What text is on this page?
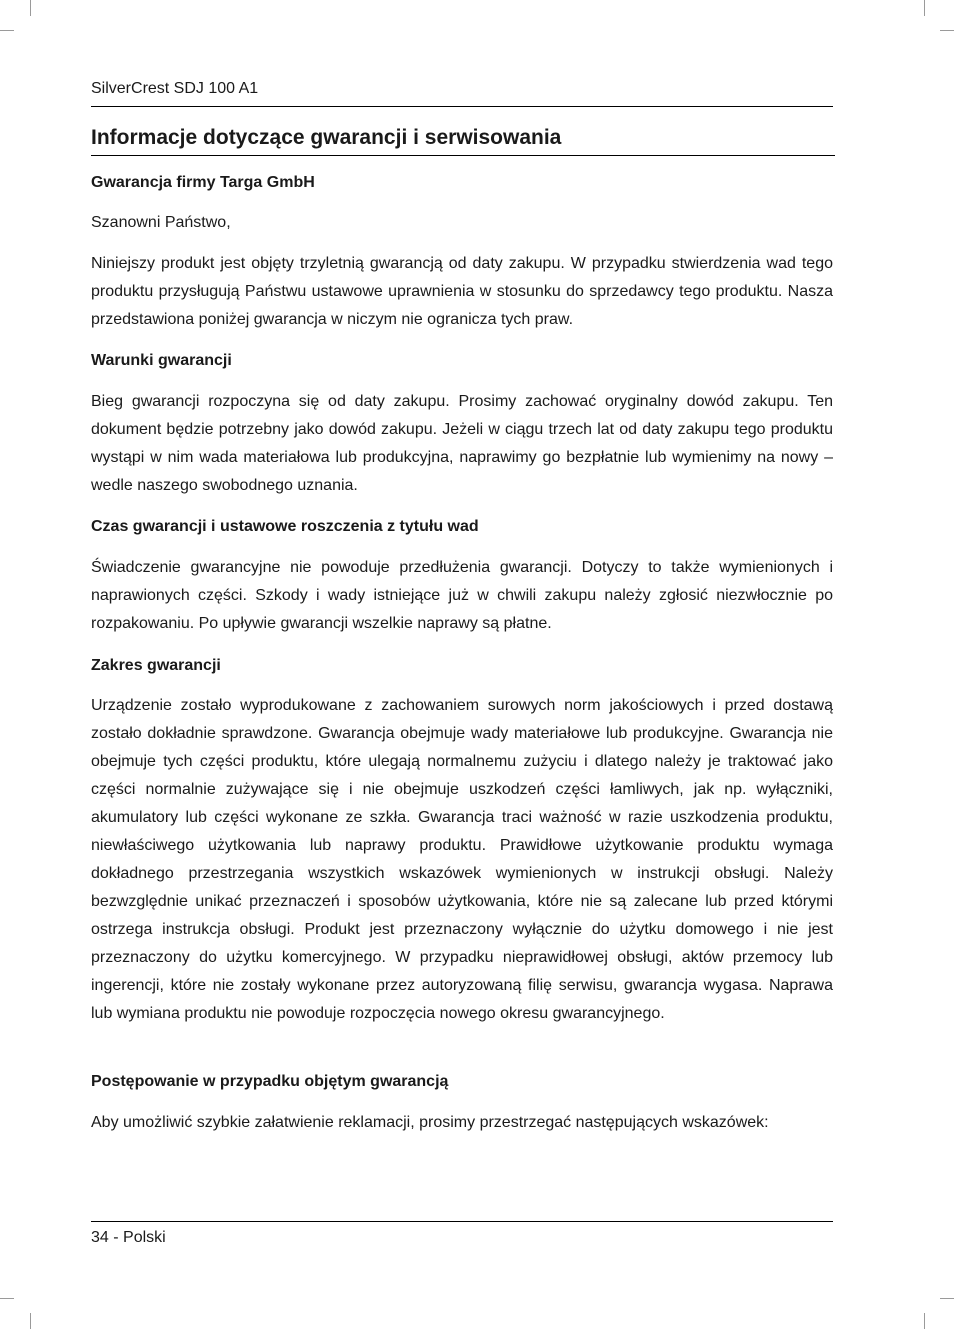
SilverCrest SDJ 100 A1
Informacje dotyczące gwarancji i serwisowania
Gwarancja firmy Targa GmbH

Szanowni Państwo,

Niniejszy produkt jest objęty trzyletnią gwarancją od daty zakupu. W przypadku stwierdzenia wad tego produktu przysługują Państwu ustawowe uprawnienia w stosunku do sprzedawcy tego produktu. Nasza przedstawiona poniżej gwarancja w niczym nie ogranicza tych praw.

Warunki gwarancji

Bieg gwarancji rozpoczyna się od daty zakupu. Prosimy zachować oryginalny dowód zakupu. Ten dokument będzie potrzebny jako dowód zakupu. Jeżeli w ciągu trzech lat od daty zakupu tego produktu wystąpi w nim wada materiałowa lub produkcyjna, naprawimy go bezpłatnie lub wymienimy na nowy – wedle naszego swobodnego uznania.

Czas gwarancji i ustawowe roszczenia z tytułu wad

Świadczenie gwarancyjne nie powoduje przedłużenia gwarancji. Dotyczy to także wymienionych i naprawionych części. Szkody i wady istniejące już w chwili zakupu należy zgłosić niezwłocznie po rozpakowaniu. Po upływie gwarancji wszelkie naprawy są płatne.

Zakres gwarancji

Urządzenie zostało wyprodukowane z zachowaniem surowych norm jakościowych i przed dostawą zostało dokładnie sprawdzone. Gwarancja obejmuje wady materiałowe lub produkcyjne. Gwarancja nie obejmuje tych części produktu, które ulegają normalnemu zużyciu i dlatego należy je traktować jako części normalnie zużywające się i nie obejmuje uszkodzeń części łamliwych, jak np. wyłączniki, akumulatory lub części wykonane ze szkła. Gwarancja traci ważność w razie uszkodzenia produktu, niewłaściwego użytkowania lub naprawy produktu. Prawidłowe użytkowanie produktu wymaga dokładnego przestrzegania wszystkich wskazówek wymienionych w instrukcji obsługi. Należy bezwzględnie unikać przeznaczeń i sposobów użytkowania, które nie są zalecane lub przed którymi ostrzega instrukcja obsługi. Produkt jest przeznaczony wyłącznie do użytku domowego i nie jest przeznaczony do użytku komercyjnego. W przypadku nieprawidłowej obsługi, aktów przemocy lub ingerencji, które nie zostały wykonane przez autoryzowaną filię serwisu, gwarancja wygasa. Naprawa lub wymiana produktu nie powoduje rozpoczęcia nowego okresu gwarancyjnego.

Postępowanie w przypadku objętym gwarancją

Aby umożliwić szybkie załatwienie reklamacji, prosimy przestrzegać następujących wskazówek:

34 - Polski
